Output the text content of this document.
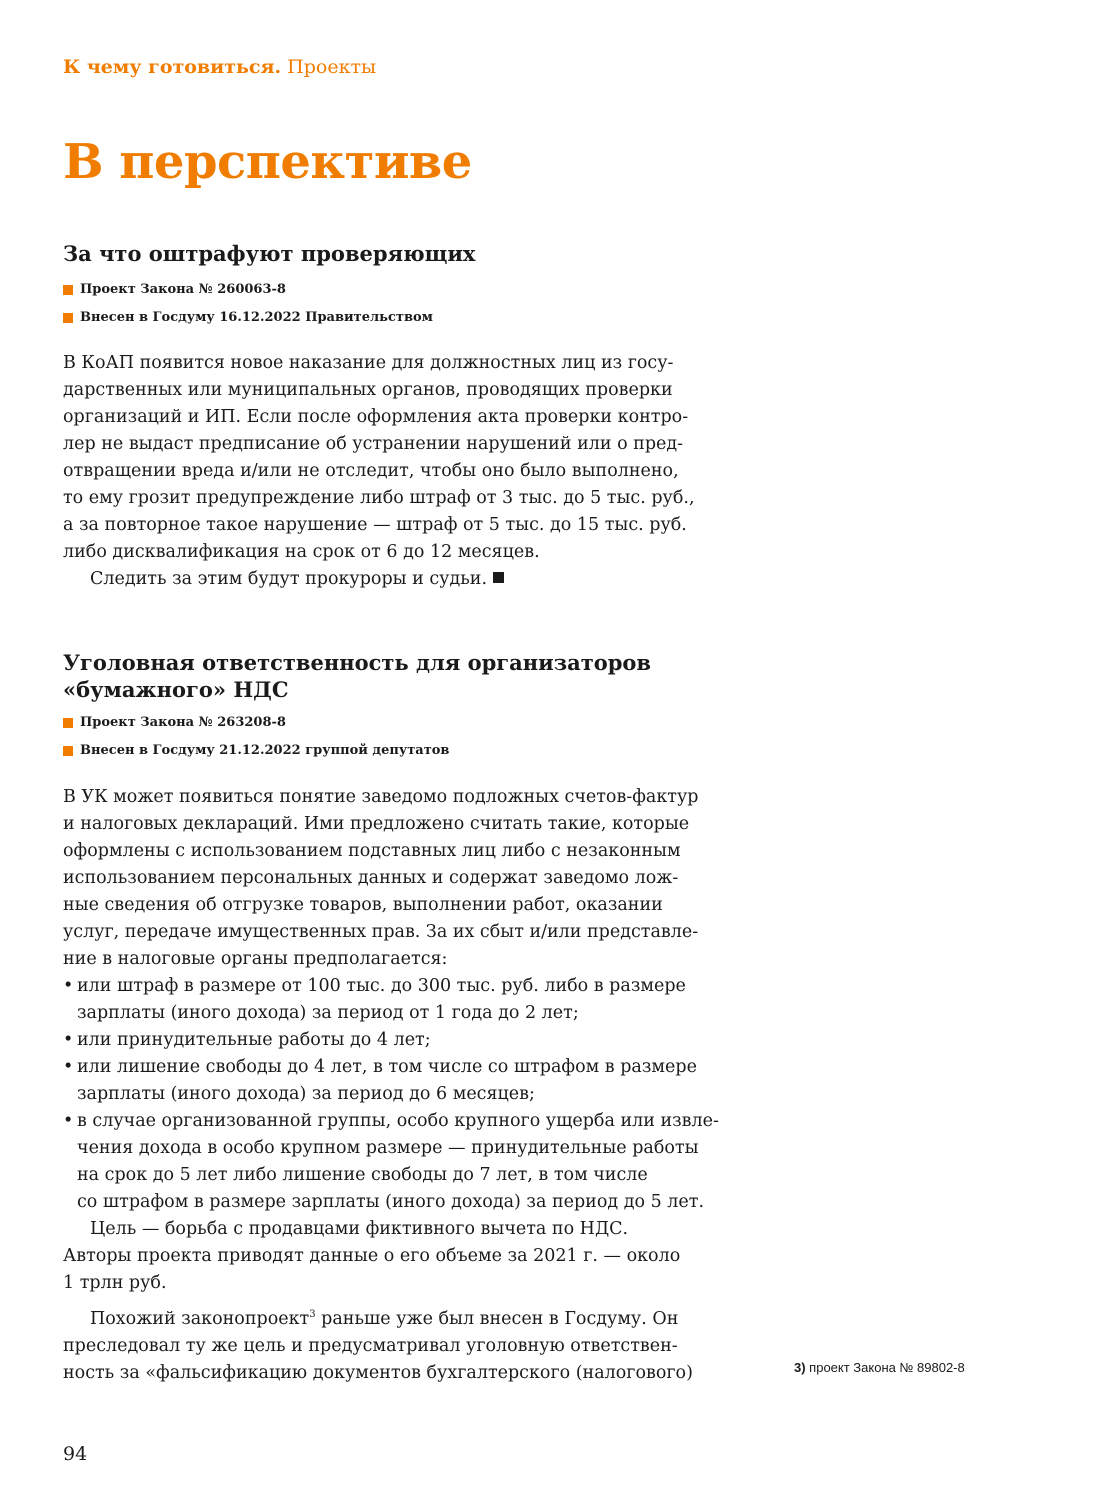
К чему готовиться. Проекты
В перспективе
За что оштрафуют проверяющих
Проект Закона № 260063-8
Внесен в Госдуму 16.12.2022 Правительством

В КоАП появится новое наказание для должностных лиц из госу-

дарственных или муниципальных органов, проводящих проверки

организаций и ИП. Если после оформления акта проверки контро-

лер не выдаст предписание об устранении нарушений или о пред-

отвращении вреда и/или не отследит, чтобы оно было выполнено,

то ему грозит предупреждение либо штраф от 3 тыс. до 5 тыс. руб.,

а за повторное такое нарушение — штраф от 5 тыс. до 15 тыс. руб.

либо дисквалификация на срок от 6 до 12 месяцев.

Следить за этим будут прокуроры и судьи.

Уголовная ответственность для организаторов
«бумажного» НДС
Проект Закона № 263208-8
Внесен в Госдуму 21.12.2022 группой депутатов

В УК может появиться понятие заведомо подложных счетов-фактур

и налоговых деклараций. Ими предложено считать такие, которые

оформлены с использованием подставных лиц либо с незаконным

использованием персональных данных и содержат заведомо лож-

ные сведения об отгрузке товаров, выполнении работ, оказании

услуг, передаче имущественных прав. За их сбыт и/или представле-

ние в налоговые органы предполагается:

• или штраф в размере от 100 тыс. до 300 тыс. руб. либо в размере

зарплаты (иного дохода) за период от 1 года до 2 лет;

• или принудительные работы до 4 лет;

• или лишение свободы до 4 лет, в том числе со штрафом в размере

зарплаты (иного дохода) за период до 6 месяцев;

• в случае организованной группы, особо крупного ущерба или извле-

чения дохода в особо крупном размере — принудительные работы

на срок до 5 лет либо лишение свободы до 7 лет, в том числе

со штрафом в размере зарплаты (иного дохода) за период до 5 лет.

Цель — борьба с продавцами фиктивного вычета по НДС.

Авторы проекта приводят данные о его объеме за 2021 г. — около

1 трлн руб.

Похожий законопроект$^3$ раньше уже был внесен в Госдуму. Он

преследовал ту же цель и предусматривал уголовную ответствен-

ность за «фальсификацию документов бухгалтерского (налогового)	3) проект Закона № 89802-8
94
